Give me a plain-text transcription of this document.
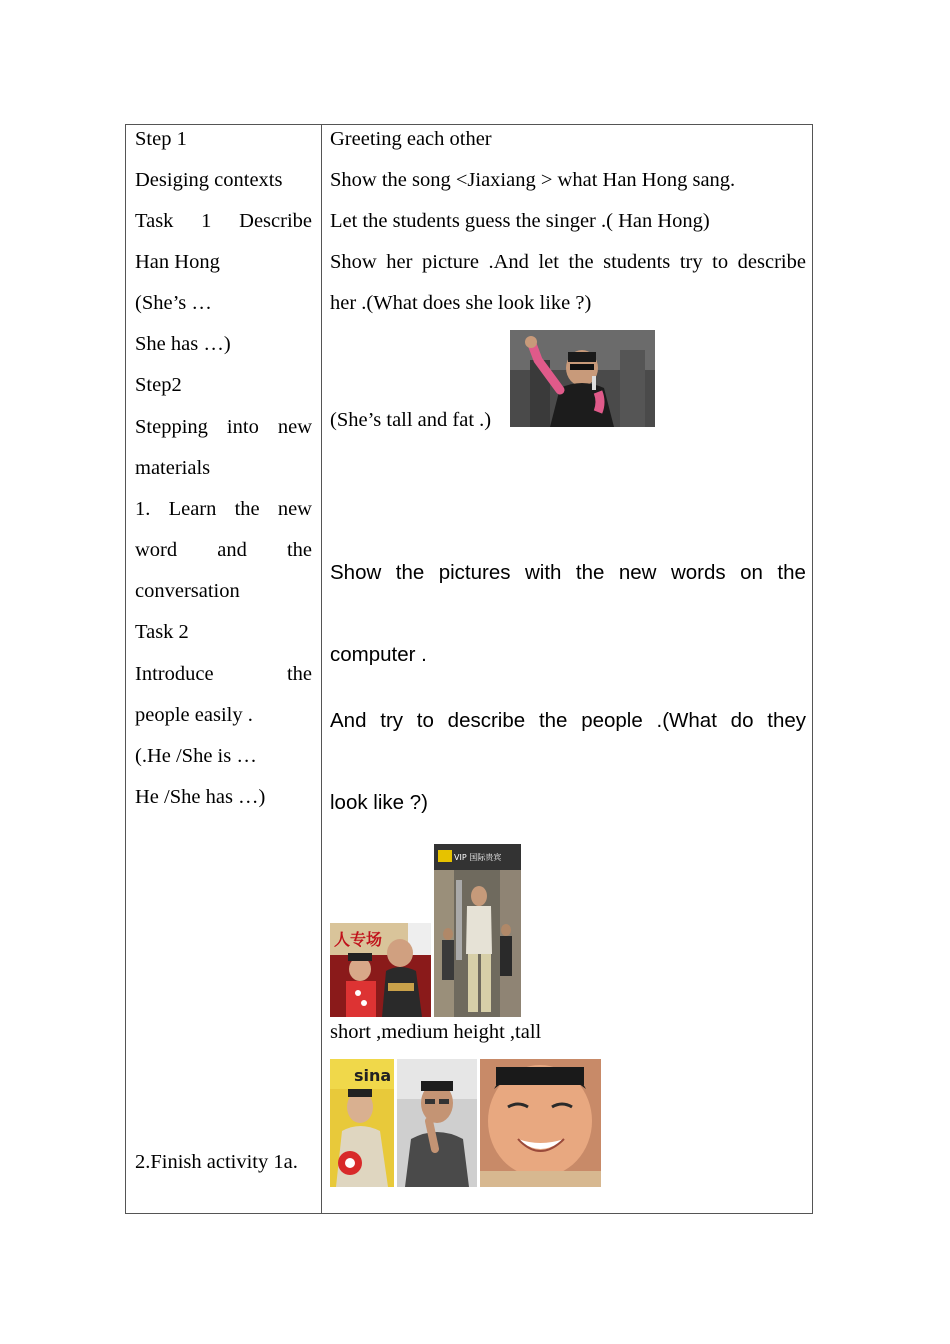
Step 1
Desiging contexts
Task 1 Describe
Han Hong
(She’s …
She has …)
Step2
Stepping into new
materials
1. Learn the new
word and the
conversation
Task 2
Introduce	the
people easily .
(.He /She is …
He /She has …)
2.Finish activity 1a.
Greeting each other
Show the song <Jiaxiang > what Han Hong sang.
Let the students guess the singer .( Han Hong)
Show her picture .And let the students try to describe
her .(What does she look like ?)
(She’s tall and fat .)
Show the pictures with the new words on the
computer .
And try to describe the people .(What do they
look like ?)
人专场
VIP 国际贵宾
short ,medium height ,tall
sina
